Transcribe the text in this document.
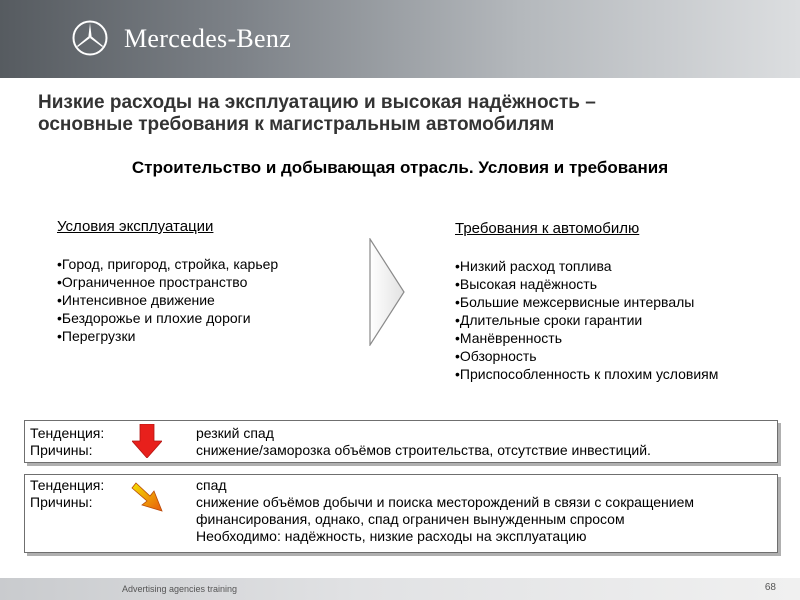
Mercedes-Benz
Низкие расходы на эксплуатацию и высокая надёжность –
основные требования к магистральным автомобилям
Строительство и добывающая отрасль. Условия и требования
Условия эксплуатации
•Город, пригород, стройка, карьер
•Ограниченное пространство
•Интенсивное движение
•Бездорожье и плохие дороги
•Перегрузки
Требования к автомобилю
•Низкий расход топлива
•Высокая надёжность
•Большие межсервисные интервалы
•Длительные сроки гарантии
•Манёвренность
•Обзорность
•Приспособленность к плохим условиям
Тенденция:	резкий спад
Причины:	снижение/заморозка объёмов строительства, отсутствие инвестиций.
Тенденция:	спад
Причины:	снижение объёмов добычи и поиска месторождений в связи с сокращением
финансирования, однако, спад ограничен вынужденным спросом
Необходимо: надёжность, низкие расходы на эксплуатацию
Advertising agencies training	68
